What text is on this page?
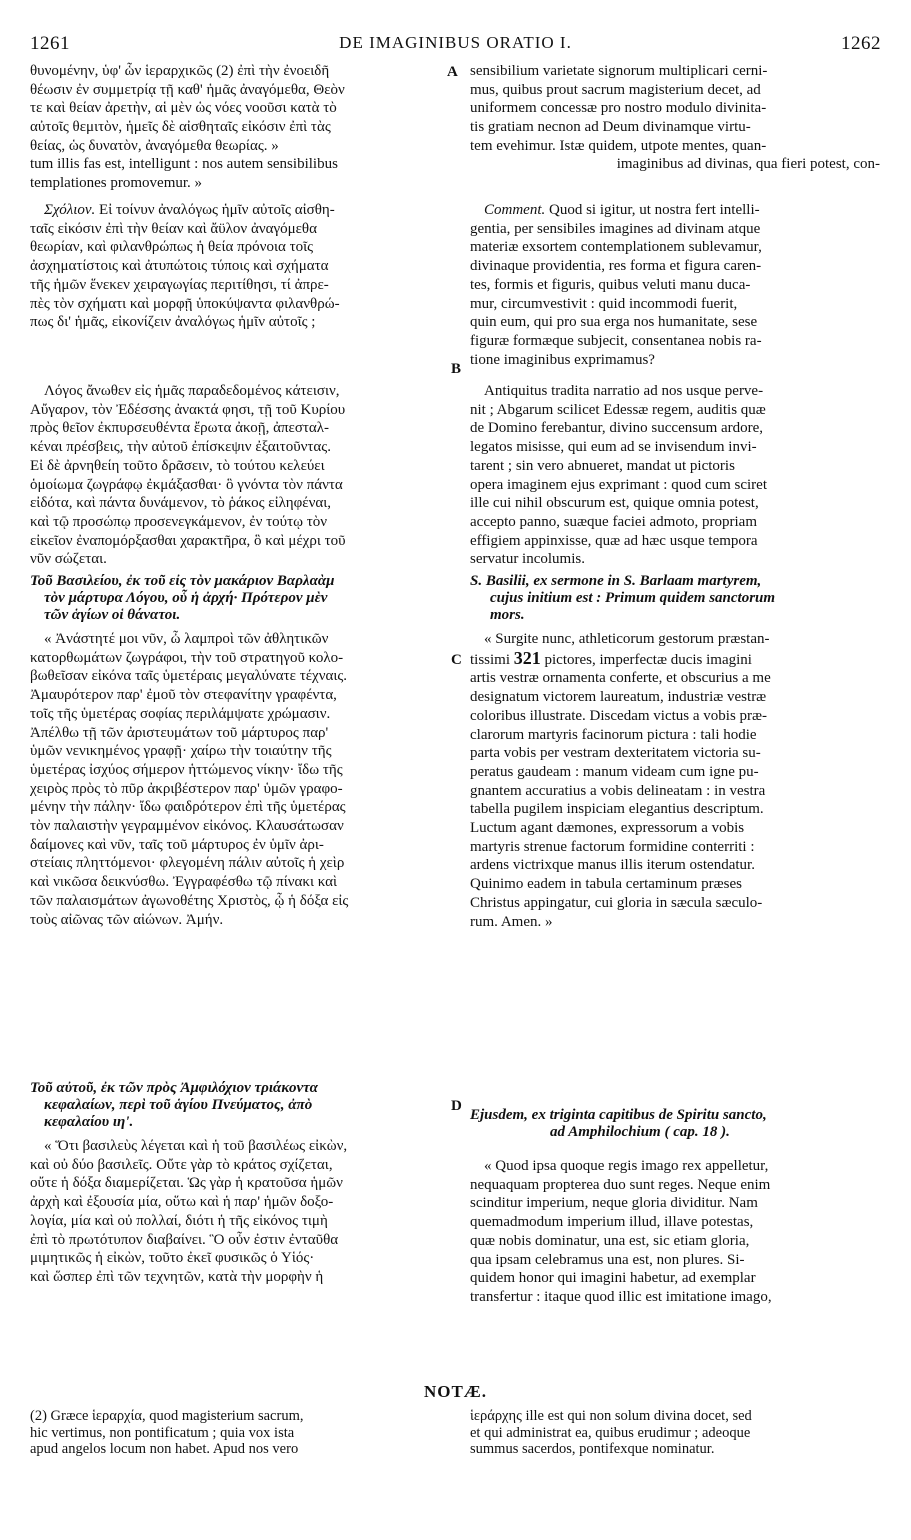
1261	DE IMAGINIBUS ORATIO I.	1262

θυνομένην, ὑφ' ὧν ἱεραρχικῶς (2) ἐπὶ τὴν ἐνοειδῆ

θέωσιν ἐν συμμετρίᾳ τῇ καθ' ἡμᾶς ἀναγόμεθα, Θεὸν

τε καὶ θείαν ἀρετὴν, αἱ μὲν ὡς νόες νοοῦσι κατὰ τὸ

αὐτοῖς θεμιτὸν, ἡμεῖς δὲ αἰσθηταῖς εἰκόσιν ἐπὶ τὰς

θείας, ὡς δυνατὸν, ἀναγόμεθα θεωρίας. »

A sensibilium varietate signorum multiplicari cerni-

mus, quibus prout sacrum magisterium decet, ad

uniformem concessæ pro nostro modulo divinita-

tis gratiam necnon ad Deum divinamque virtu-

tem evehimur. Istæ quidem, utpote mentes, quan-

tum illis fas est, intelligunt : nos autem sensibilibus	imaginibus ad divinas, qua fieri potest, con-
templationes promovemur. »

Σχόλιον. Εἰ τοίνυν ἀναλόγως ἡμῖν αὐτοῖς αἰσθη-

ταῖς εἰκόσιν ἐπὶ τὴν θείαν καὶ ἄϋλον ἀναγόμεθα

θεωρίαν, καὶ φιλανθρώπως ἡ θεία πρόνοια τοῖς

ἀσχηματίστοις καὶ ἀτυπώτοις τύποις καὶ σχήματα

τῆς ἡμῶν ἕνεκεν χειραγωγίας περιτίθησι, τί ἀπρε-

πὲς τὸν σχήματι καὶ μορφῇ ὑποκύψαντα φιλανθρώ-

πως δι' ἡμᾶς, εἰκονίζειν ἀναλόγως ἡμῖν αὐτοῖς ;

Comment. Quod si igitur, ut nostra fert intelli-

gentia, per sensibiles imagines ad divinam atque

materiæ exsortem contemplationem sublevamur,

divinaque providentia, res forma et figura caren-

tes, formis et figuris, quibus veluti manu duca-

mur, circumvestivit : quid incommodi fuerit,

quin eum, qui pro sua erga nos humanitate, sese

figuræ formæque subjecit, consentanea nobis ra-

tione imaginibus exprimamus?

B

Λόγος ἄνωθεν εἰς ἡμᾶς παραδεδομένος κάτεισιν,

Αὔγαρον, τὸν Ἐδέσσης ἀνακτά φησι, τῇ τοῦ Κυρίου

πρὸς θεῖον ἐκπυρσευθέντα ἔρωτα ἀκοῇ, ἀπεσταλ-

κέναι πρέσβεις, τὴν αὐτοῦ ἐπίσκεψιν ἐξαιτοῦντας.

Εἰ δὲ ἀρνηθείη τοῦτο δρᾶσειν, τὸ τούτου κελεύει

ὁμοίωμα ζωγράφῳ ἐκμάξασθαι· ὃ γνόντα τὸν πάντα

εἰδότα, καὶ πάντα δυνάμενον, τὸ ῥάκος εἰληφέναι,

καὶ τῷ προσώπῳ προσενεγκάμενον, ἐν τούτῳ τὸν

εἰκεῖον ἐναπομόρξασθαι χαρακτῆρα, ὃ καὶ μέχρι τοῦ

νῦν σώζεται.

Antiquitus tradita narratio ad nos usque perve-

nit ; Abgarum scilicet Edessæ regem, auditis quæ

de Domino ferebantur, divino succensum ardore,

legatos misisse, qui eum ad se invisendum invi-

tarent ; sin vero abnueret, mandat ut pictoris

opera imaginem ejus exprimant : quod cum sciret

ille cui nihil obscurum est, quique omnia potest,

accepto panno, suæque faciei admoto, propriam

effigiem appinxisse, quæ ad hæc usque tempora

servatur incolumis.

Τοῦ Βασιλείου, ἐκ τοῦ εἰς τὸν μακάριον Βαρλαὰμ

τὸν μάρτυρα Λόγου, οὗ ἡ ἀρχή· Πρότερον μὲν

τῶν ἁγίων οἱ θάνατοι.

S. Basilii, ex sermone in S. Barlaam martyrem,

cujus initium est : Primum quidem sanctorum

mors.

« Ἀνάστητέ μοι νῦν, ὦ λαμπροὶ τῶν ἀθλητικῶν

κατορθωμάτων ζωγράφοι, τὴν τοῦ στρατηγοῦ κολο-

βωθεῖσαν εἰκόνα ταῖς ὑμετέραις μεγαλύνατε τέχναις.

Ἀμαυρότερον παρ' ἐμοῦ τὸν στεφανίτην γραφέντα,

τοῖς τῆς ὑμετέρας σοφίας περιλάμψατε χρώμασιν.

Ἀπέλθω τῇ τῶν ἀριστευμάτων τοῦ μάρτυρος παρ'

ὑμῶν νενικημένος γραφῇ· χαίρω τὴν τοιαύτην τῆς

ὑμετέρας ἰσχύος σήμερον ἡττώμενος νίκην· ἴδω τῆς

χειρὸς πρὸς τὸ πῦρ ἀκριβέστερον παρ' ὑμῶν γραφο-

μένην τὴν πάλην· ἴδω φαιδρότερον ἐπὶ τῆς ὑμετέρας

τὸν παλαιστὴν γεγραμμένον εἰκόνος. Κλαυσάτωσαν

δαίμονες καὶ νῦν, ταῖς τοῦ μάρτυρος ἐν ὑμῖν ἀρι-

στείαις πληττόμενοι· φλεγομένη πάλιν αὐτοῖς ἡ χεὶρ

καὶ νικῶσα δεικνύσθω. Ἐγγραφέσθω τῷ πίνακι καὶ

τῶν παλαισμάτων ἀγωνοθέτης Χριστὸς, ᾧ ἡ δόξα εἰς

τοὺς αἰῶνας τῶν αἰώνων. Ἀμήν.

C

« Surgite nunc, athleticorum gestorum præstan-

tissimi 321 pictores, imperfectæ ducis imagini

artis vestræ ornamenta conferte, et obscurius a me

designatum victorem laureatum, industriæ vestræ

coloribus illustrate. Discedam victus a vobis præ-

clarorum martyris facinorum pictura : tali hodie

parta vobis per vestram dexteritatem victoria su-

peratus gaudeam : manum videam cum igne pu-

gnantem accuratius a vobis delineatam : in vestra

tabella pugilem inspiciam elegantius descriptum.

Luctum agant dæmones, expressorum a vobis

martyris strenue factorum formidine conterriti :

ardens victrixque manus illis iterum ostendatur.

Quinimo eadem in tabula certaminum præses

Christus appingatur, cui gloria in sæcula sæculo-

rum. Amen. »

Τοῦ αὐτοῦ, ἐκ τῶν πρὸς Ἀμφιλόχιον τριάκοντα

κεφαλαίων, περὶ τοῦ ἁγίου Πνεύματος, ἀπὸ

κεφαλαίου ιη'.

D

Ejusdem, ex triginta capitibus de Spiritu sancto,

ad Amphilochium ( cap. 18 ).

« Ὅτι βασιλεὺς λέγεται καὶ ἡ τοῦ βασιλέως εἰκὼν,

καὶ οὐ δύο βασιλεῖς. Οὔτε γὰρ τὸ κράτος σχίζεται,

οὔτε ἡ δόξα διαμερίζεται. Ὡς γὰρ ἡ κρατοῦσα ἡμῶν

ἀρχὴ καὶ ἐξουσία μία, οὕτω καὶ ἡ παρ' ἡμῶν δοξο-

λογία, μία καὶ οὐ πολλαί, διότι ἡ τῆς εἰκόνος τιμὴ

ἐπὶ τὸ πρωτότυπον διαβαίνει. Ὃ οὖν ἐστιν ἐνταῦθα

μιμητικῶς ἡ εἰκὼν, τοῦτο ἐκεῖ φυσικῶς ὁ Υἱός·

καὶ ὥσπερ ἐπὶ τῶν τεχνητῶν, κατὰ τὴν μορφὴν ἡ

« Quod ipsa quoque regis imago rex appelletur,

nequaquam propterea duo sunt reges. Neque enim

scinditur imperium, neque gloria dividitur. Nam

quemadmodum imperium illud, illave potestas,

quæ nobis dominatur, una est, sic etiam gloria,

qua ipsam celebramus una est, non plures. Si-

quidem honor qui imagini habetur, ad exemplar

transfertur : itaque quod illic est imitatione imago,

NOTÆ.

(2) Græce ἱεραρχία, quod magisterium sacrum,

hic vertimus, non pontificatum ; quia vox ista

apud angelos locum non habet. Apud nos vero

ἱεράρχης ille est qui non solum divina docet, sed

et qui administrat ea, quibus erudimur ; adeoque

summus sacerdos, pontifexque nominatur.
